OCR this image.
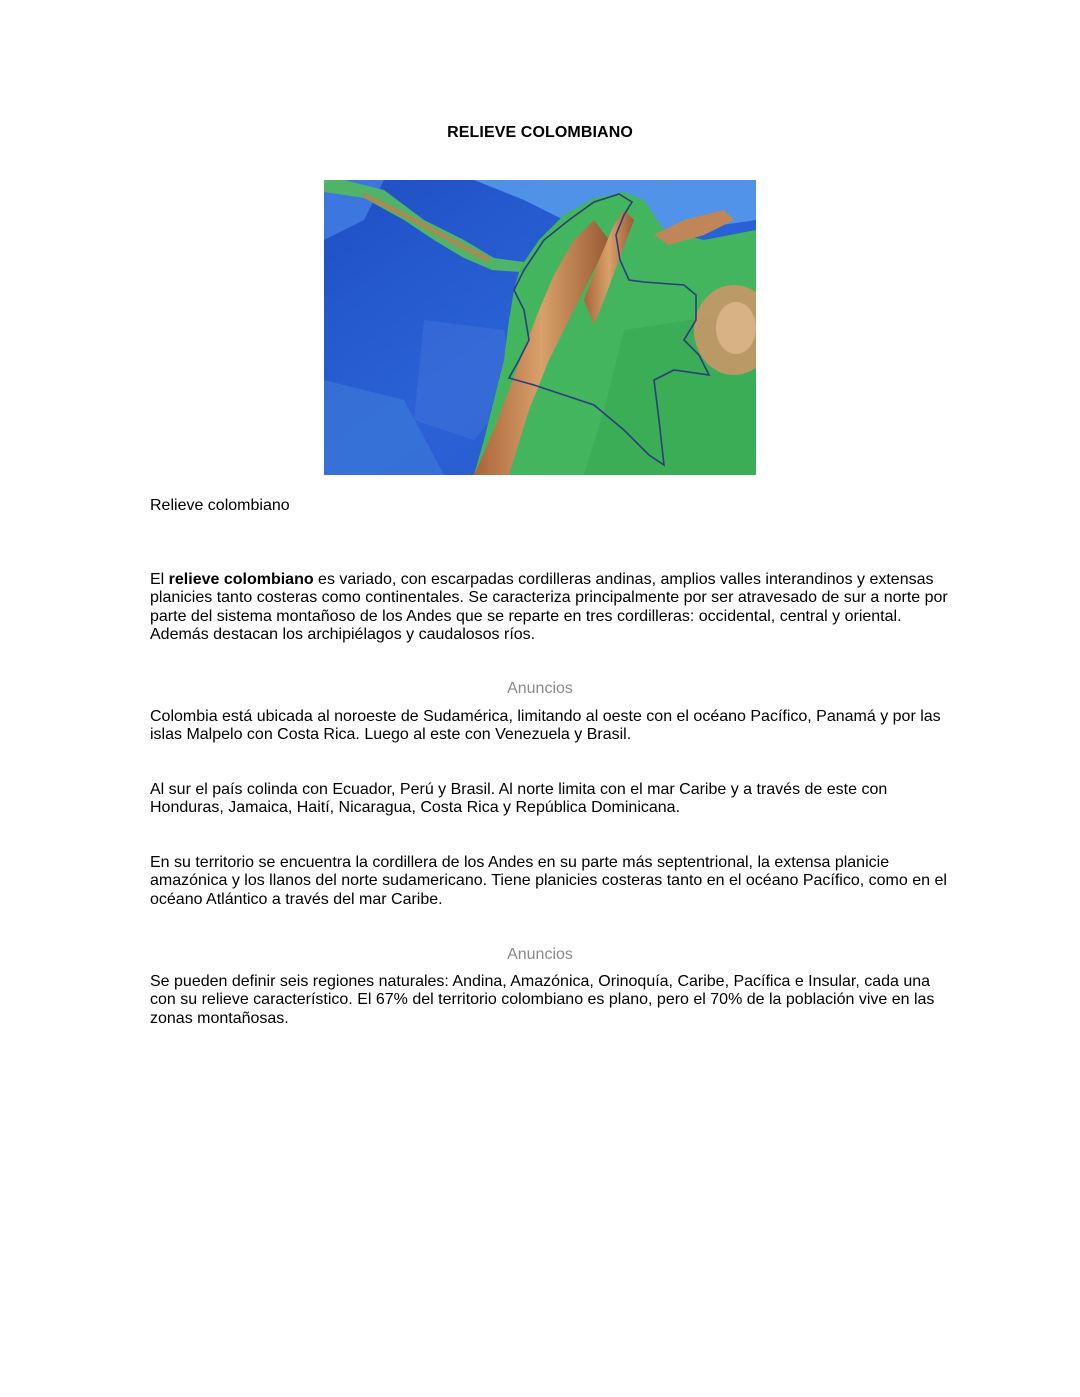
RELIEVE COLOMBIANO
Relieve colombiano

El relieve colombiano es variado, con escarpadas cordilleras andinas, amplios valles interandinos y extensas planicies tanto costeras como continentales. Se caracteriza principalmente por ser atravesado de sur a norte por parte del sistema montañoso de los Andes que se reparte en tres cordilleras: occidental, central y oriental. Además destacan los archipiélagos y caudalosos ríos.

Anuncios

Colombia está ubicada al noroeste de Sudamérica, limitando al oeste con el océano Pacífico, Panamá y por las islas Malpelo con Costa Rica. Luego al este con Venezuela y Brasil.

Al sur el país colinda con Ecuador, Perú y Brasil. Al norte limita con el mar Caribe y a través de este con Honduras, Jamaica, Haití, Nicaragua, Costa Rica y República Dominicana.

En su territorio se encuentra la cordillera de los Andes en su parte más septentrional, la extensa planicie amazónica y los llanos del norte sudamericano. Tiene planicies costeras tanto en el océano Pacífico, como en el océano Atlántico a través del mar Caribe.

Anuncios

Se pueden definir seis regiones naturales: Andina, Amazónica, Orinoquía, Caribe, Pacífica e Insular, cada una con su relieve característico. El 67% del territorio colombiano es plano, pero el 70% de la población vive en las zonas montañosas.
